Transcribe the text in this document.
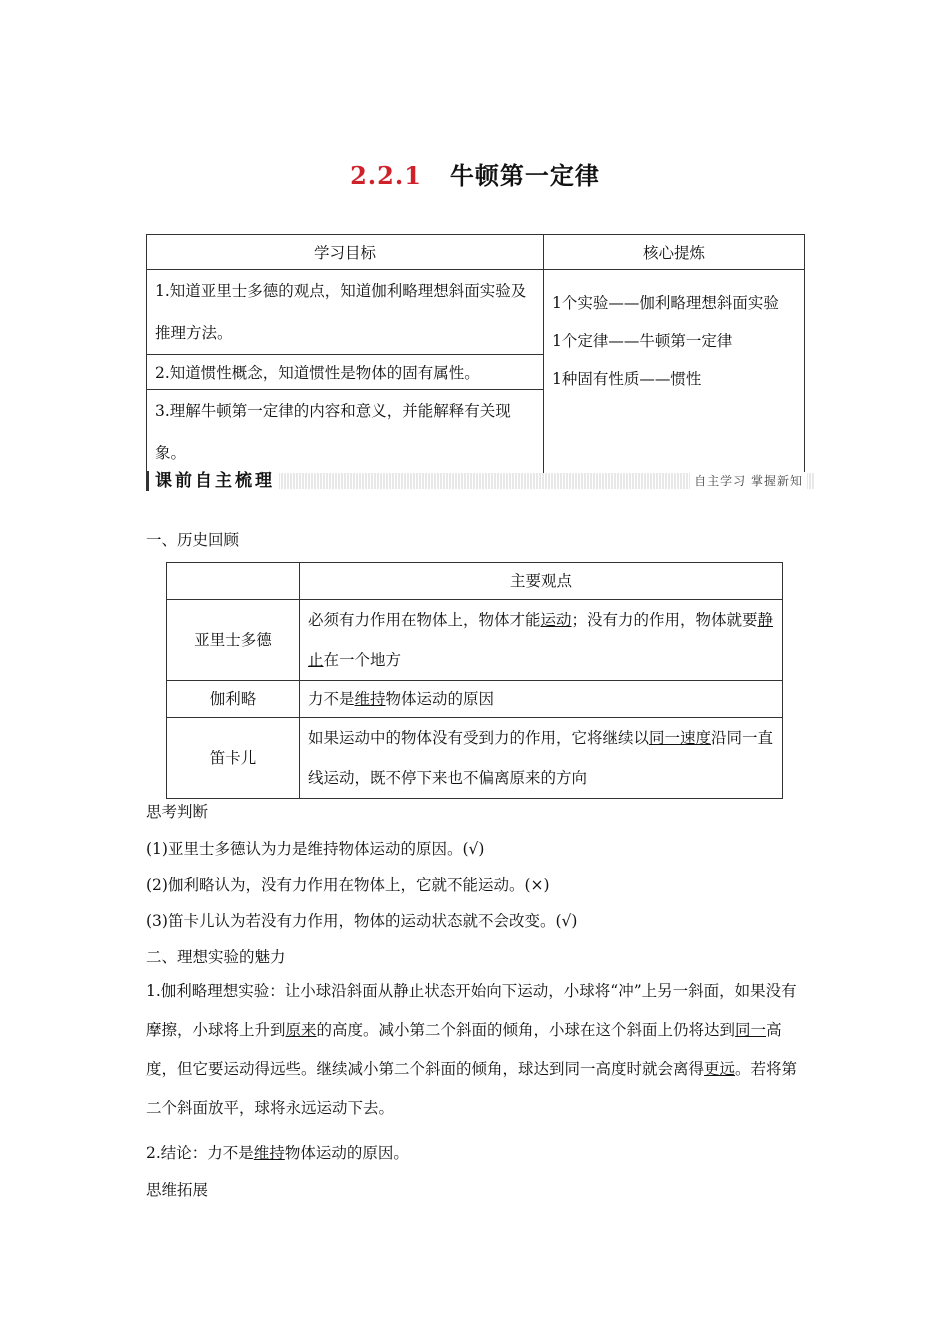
2.2.1 牛顿第一定律
学习目标	核心提炼
1.知道亚里士多德的观点，知道伽利略理想斜面实验及推理方法。	1个实验——伽利略理想斜面实验
1个定律——牛顿第一定律
1种固有性质——惯性

2.知道惯性概念，知道惯性是物体的固有属性。	
3.理解牛顿第一定律的内容和意义，并能解释有关现象。	
课前自主梳理	自主学习 掌握新知
一、历史回顾
	主要观点
亚里士多德	必须有力作用在物体上，物体才能运动；没有力的作用，物体就要静止在一个地方
伽利略	力不是维持物体运动的原因
笛卡儿	如果运动中的物体没有受到力的作用，它将继续以同一速度沿同一直线运动，既不停下来也不偏离原来的方向
思考判断
(1)亚里士多德认为力是维持物体运动的原因。(√)
(2)伽利略认为，没有力作用在物体上，它就不能运动。(×)
(3)笛卡儿认为若没有力作用，物体的运动状态就不会改变。(√)
二、理想实验的魅力
1.伽利略理想实验：让小球沿斜面从静止状态开始向下运动，小球将“冲”上另一斜面，如果没有摩擦，小球将上升到原来的高度。减小第二个斜面的倾角，小球在这个斜面上仍将达到同一高度，但它要运动得远些。继续减小第二个斜面的倾角，球达到同一高度时就会离得更远。若将第二个斜面放平，球将永远运动下去。
2.结论：力不是维持物体运动的原因。
思维拓展
